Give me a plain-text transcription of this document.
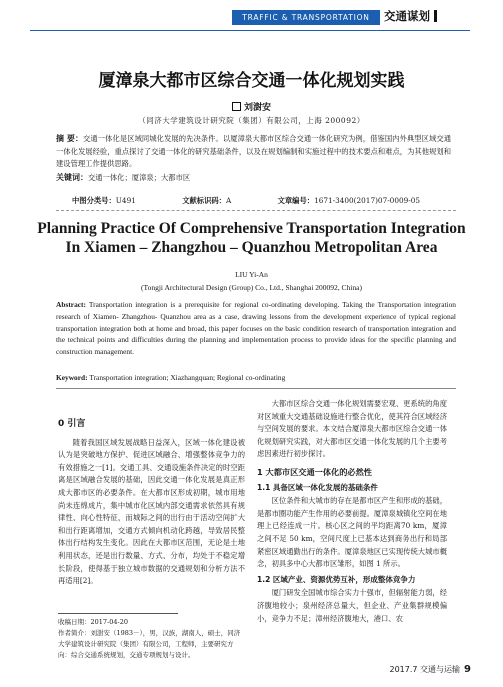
TRAFFIC & TRANSPORTATION 交通谋划
厦漳泉大都市区综合交通一体化规划实践
刘澍安
（同济大学建筑设计研究院（集团）有限公司，上海 200092）
摘 要：交通一体化是区域同城化发展的先决条件。以厦漳泉大都市区综合交通一体化研究为例，借鉴国内外典型区域交通一体化发展经验，重点探讨了交通一体化的研究基础条件，以及在规划编制和实施过程中的技术要点和难点，为其他规划和建设管理工作提供思路。
关键词：交通一体化；厦漳泉；大都市区
中图分类号：U491	文献标识码：A	文章编号：1671-3400(2017)07-0009-05
Planning Practice Of Comprehensive Transportation Integration
In Xiamen – Zhangzhou – Quanzhou Metropolitan Area
LIU Yi-An
(Tongji Architectural Design (Group) Co., Ltd., Shanghai 200092, China)
Abstract: Transportation integration is a prerequisite for regional co-ordinating developing. Taking the Transportation integration research of Xiamen- Zhangzhou- Quanzhou area as a case, drawing lessons from the development experience of typical regional transportation integration both at home and broad, this paper focuses on the basic condition research of transportation integration and the technical points and difficulties during the planning and implementation process to provide ideas for the specific planning and construction management.
Keyword: Transportation integration; Xiazhangquan; Regional co-ordinating
0 引言

随着我国区域发展战略日益深入，区域一体化建设被认为是突破地方保护、促进区域融合、增强整体竞争力的有效措施之一[1]。交通工具、交通设施条件决定的时空距离是区域融合发展的基础，因此交通一体化发展是真正形成大都市区的必要条件。在大都市区形成初期，城市用地尚未连绵成片，集中城市化区域内部交通需求依然具有规律性、向心性特征，而城际之间的出行由于活动空间扩大和出行距离增加，交通方式倾向机动化跨越，导致居民整体出行结构发生变化。因此在大都市区范围，无论是土地利用状态，还是出行数量、方式、分布，均处于不稳定增长阶段，使得基于独立城市数据的交通规划和分析方法不再适用[2]。

大都市区综合交通一体化规划需要宏观、更系统的角度对区域重大交通基础设施进行整合优化，使其符合区域经济与空间发展的要求。本文结合厦漳泉大都市区综合交通一体化规划研究实践，对大都市区交通一体化发展的几个主要考虑因素进行初步探讨。

1 大都市区交通一体化的必然性
1.1 具备区域一体化发展的基础条件

区位条件和大城市的存在是都市区产生和形成的基础，是都市圈功能产生作用的必要前提。厦漳泉城镇化空间在地理上已经连成一片。核心区之间的平均距离70 km，厦漳之间不足 50 km，空间尺度上已基本达到商务出行和局部紧密区域通勤出行的条件。厦漳泉地区已实现传统大城市概念，初具多中心大都市区雏形，如图 1 所示。

1.2 区域产业、资源优势互补，形成整体竞争力

厦门研发全国城市综合实力十强市，但辐射能力弱，经济腹地较小；泉州经济总量大，但企业、产业集群规模偏小，竞争力不足；漳州经济腹地大，港口、农

收稿日期：2017-04-20
作者简介：刘澍安（1983－），男，汉族，湖南人，硕士，同济大学建筑设计研究院（集团）有限公司，工程师，主要研究方向：综合交通系统规划，交通专项规划与设计。
2017.7 交通与运输 9
